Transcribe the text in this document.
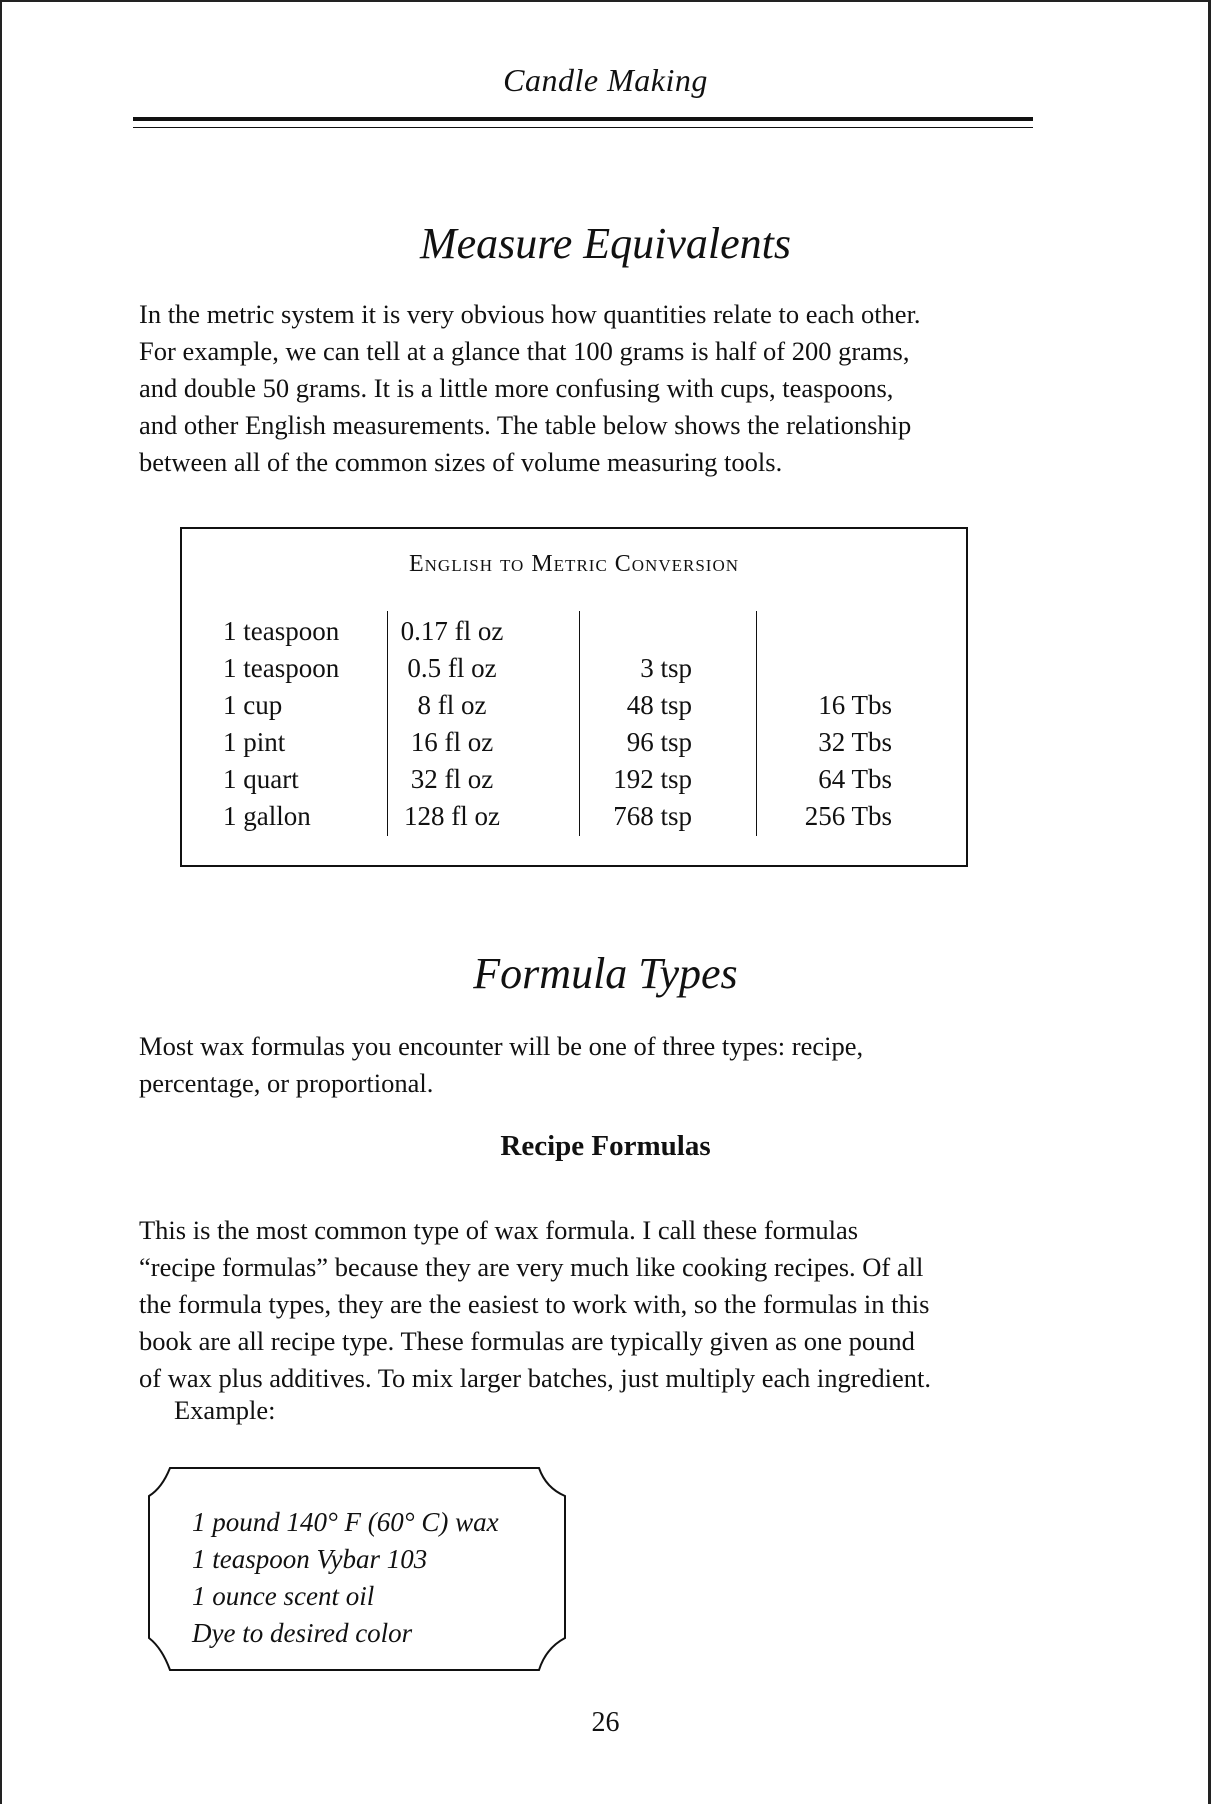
Candle Making
Measure Equivalents
In the metric system it is very obvious how quantities relate to each other.
For example, we can tell at a glance that 100 grams is half of 200 grams,
and double 50 grams. It is a little more confusing with cups, teaspoons,
and other English measurements. The table below shows the relationship
between all of the common sizes of volume measuring tools.
English to Metric Conversion
1 teaspoon
1 teaspoon
1 cup
1 pint
1 quart
1 gallon
0.17 fl oz
0.5 fl oz
8 fl oz
16 fl oz
32 fl oz
128 fl oz
3 tsp
48 tsp
96 tsp
192 tsp
768 tsp
16 Tbs
32 Tbs
64 Tbs
256 Tbs
Formula Types
Most wax formulas you encounter will be one of three types: recipe,
percentage, or proportional.
Recipe Formulas
This is the most common type of wax formula. I call these formulas
“recipe formulas” because they are very much like cooking recipes. Of all
the formula types, they are the easiest to work with, so the formulas in this
book are all recipe type. These formulas are typically given as one pound
of wax plus additives. To mix larger batches, just multiply each ingredient.
Example:
1 pound 140° F (60° C) wax
1 teaspoon Vybar 103
1 ounce scent oil
Dye to desired color
26
